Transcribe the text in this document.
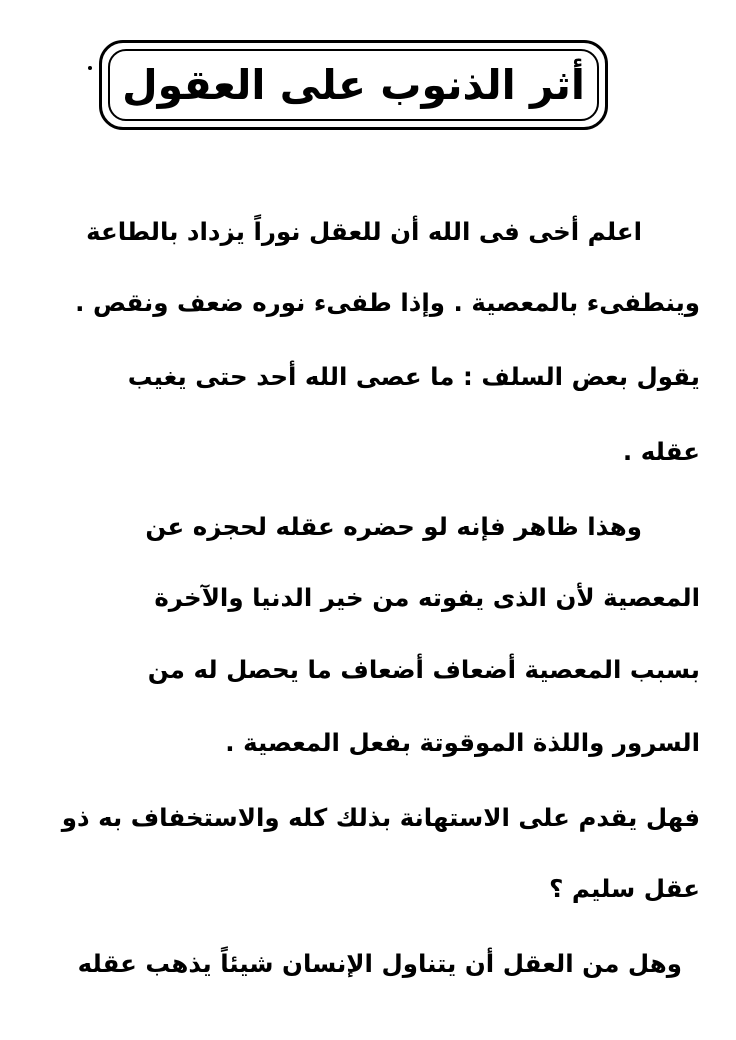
أثر الذنوب على العقول
اعلم أخى فى الله أن للعقل نوراً يزداد بالطاعة
وينطفىء بالمعصية . وإذا طفىء نوره ضعف ونقص .
يقول بعض السلف : ما عصى الله أحد حتى يغيب
عقله .
وهذا ظاهر فإنه لو حضره عقله لحجزه عن
المعصية لأن الذى يفوته من خير الدنيا والآخرة
بسبب المعصية أضعاف أضعاف ما يحصل له من
السرور واللذة الموقوتة بفعل المعصية .
فهل يقدم على الاستهانة بذلك كله والاستخفاف به ذو
عقل سليم ؟
وهل من العقل أن يتناول الإنسان شيئاً يذهب عقله
